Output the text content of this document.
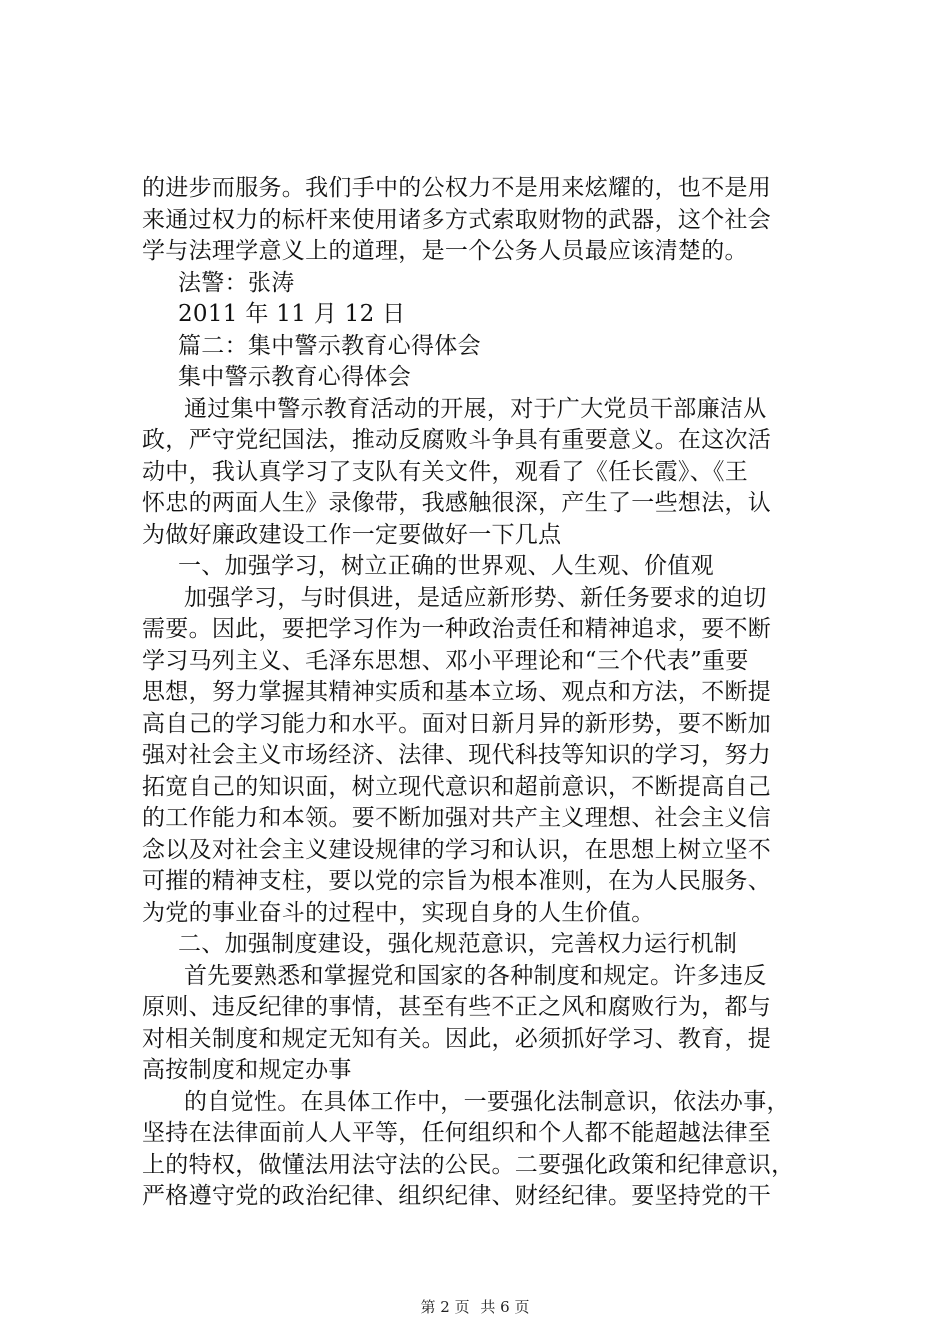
的进步而服务。我们手中的公权力不是用来炫耀的，也不是用
来通过权力的标杆来使用诸多方式索取财物的武器，这个社会
学与法理学意义上的道理，是一个公务人员最应该清楚的。
法警：张涛
2011 年 11 月 12 日
篇二：集中警示教育心得体会
集中警示教育心得体会
通过集中警示教育活动的开展，对于广大党员干部廉洁从
政，严守党纪国法，推动反腐败斗争具有重要意义。在这次活
动中，我认真学习了支队有关文件，观看了《任长霞》、《王
怀忠的两面人生》录像带，我感触很深，产生了一些想法，认
为做好廉政建设工作一定要做好一下几点
一、加强学习，树立正确的世界观、人生观、价值观
加强学习，与时俱进，是适应新形势、新任务要求的迫切
需要。因此，要把学习作为一种政治责任和精神追求，要不断
学习马列主义、毛泽东思想、邓小平理论和“三个代表”重要
思想，努力掌握其精神实质和基本立场、观点和方法，不断提
高自己的学习能力和水平。面对日新月异的新形势，要不断加
强对社会主义市场经济、法律、现代科技等知识的学习，努力
拓宽自己的知识面，树立现代意识和超前意识，不断提高自己
的工作能力和本领。要不断加强对共产主义理想、社会主义信
念以及对社会主义建设规律的学习和认识，在思想上树立坚不
可摧的精神支柱，要以党的宗旨为根本准则，在为人民服务、
为党的事业奋斗的过程中，实现自身的人生价值。
二、加强制度建设，强化规范意识，完善权力运行机制
首先要熟悉和掌握党和国家的各种制度和规定。许多违反
原则、违反纪律的事情，甚至有些不正之风和腐败行为，都与
对相关制度和规定无知有关。因此，必须抓好学习、教育，提
高按制度和规定办事
的自觉性。在具体工作中，一要强化法制意识，依法办事，
坚持在法律面前人人平等，任何组织和个人都不能超越法律至
上的特权，做懂法用法守法的公民。二要强化政策和纪律意识，
严格遵守党的政治纪律、组织纪律、财经纪律。要坚持党的干
第 2 页 共 6 页
